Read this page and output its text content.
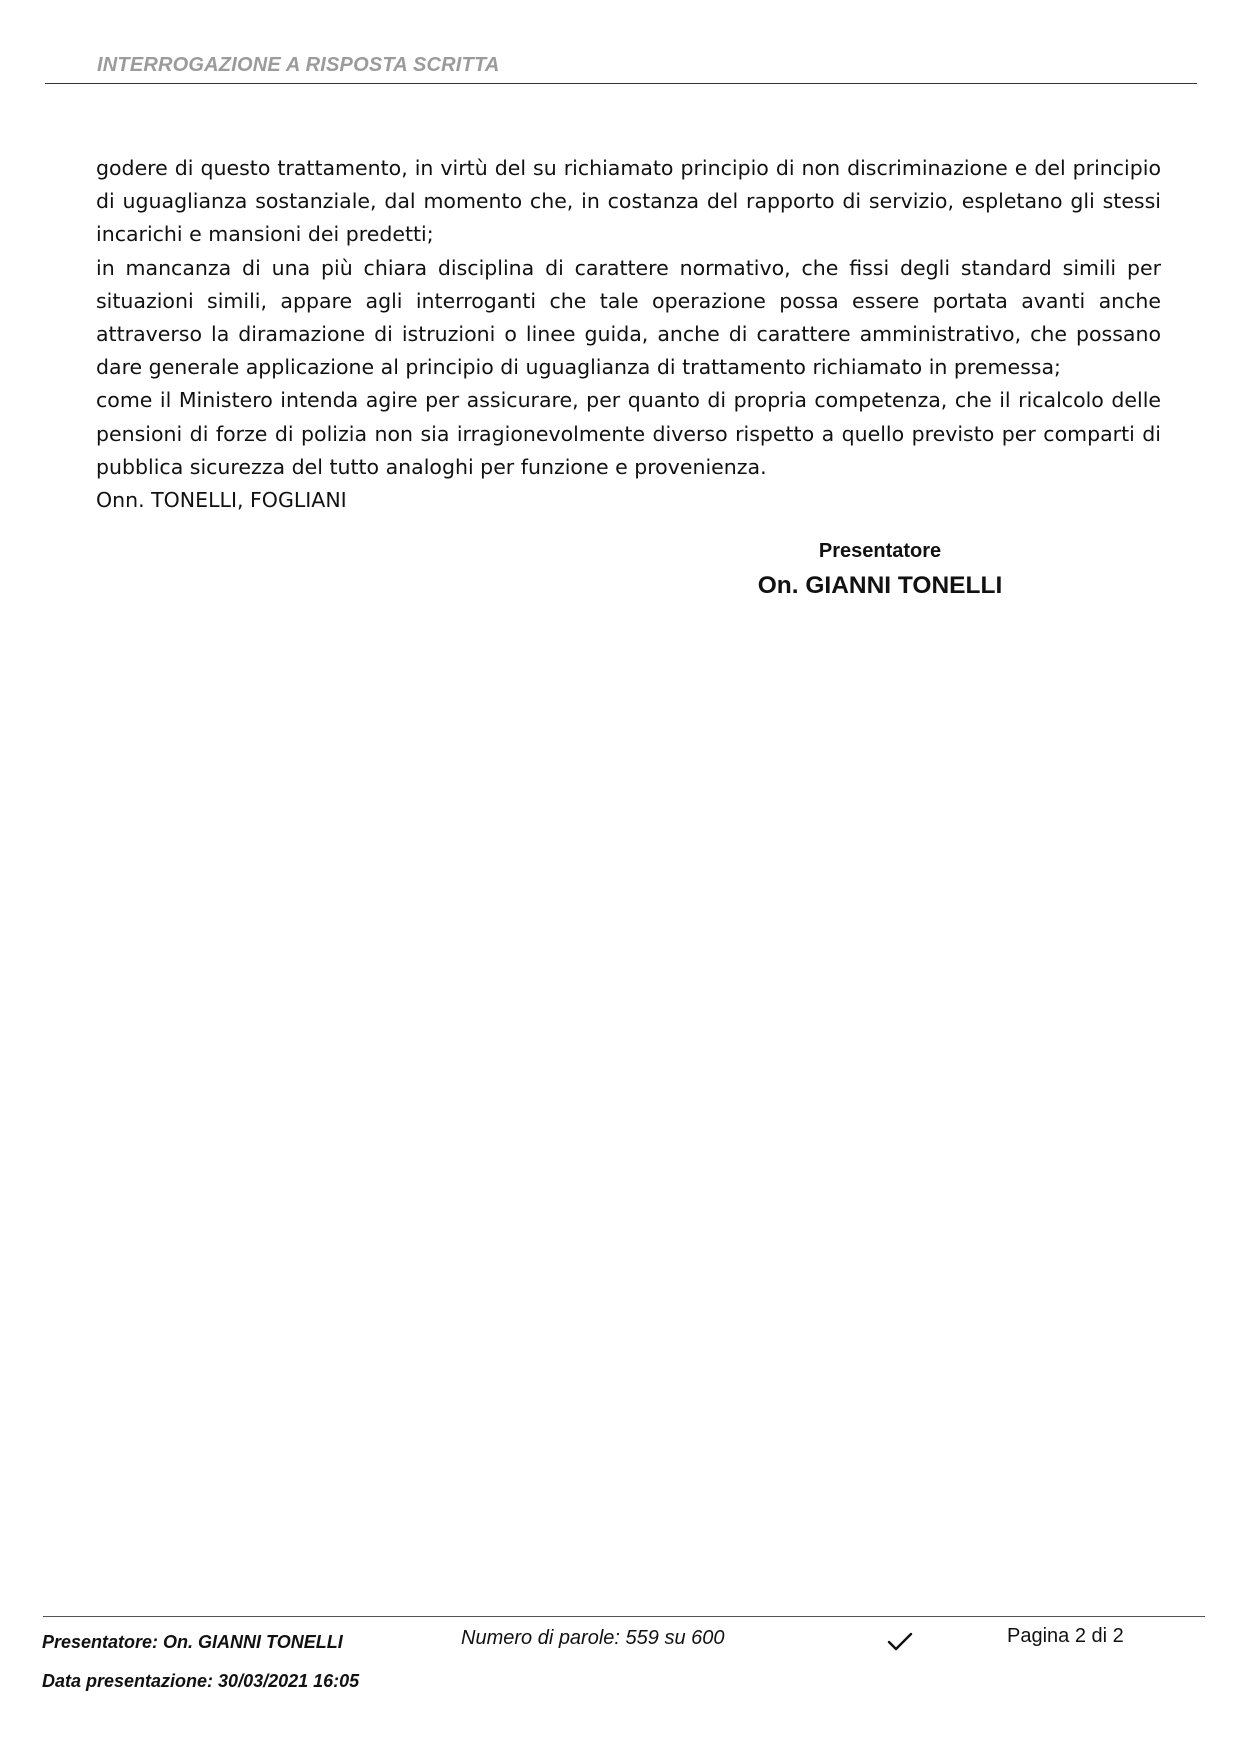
INTERROGAZIONE A RISPOSTA SCRITTA

godere di questo trattamento, in virtù del su richiamato principio di non discriminazione e del principio di uguaglianza sostanziale, dal momento che, in costanza del rapporto di servizio, espletano gli stessi incarichi e mansioni dei predetti;

in mancanza di una più chiara disciplina di carattere normativo, che fissi degli standard simili per situazioni simili, appare agli interroganti che tale operazione possa essere portata avanti anche attraverso la diramazione di istruzioni o linee guida, anche di carattere amministrativo, che possano dare generale applicazione al principio di uguaglianza di trattamento richiamato in premessa;

come il Ministero intenda agire per assicurare, per quanto di propria competenza, che il ricalcolo delle pensioni di forze di polizia non sia irragionevolmente diverso rispetto a quello previsto per comparti di pubblica sicurezza del tutto analoghi per funzione e provenienza.

Onn. TONELLI, FOGLIANI

Presentatore
On. GIANNI TONELLI
Presentatore: On. GIANNI TONELLI
Data presentazione: 30/03/2021 16:05
Numero di parole: 559 su 600	Pagina 2 di 2
